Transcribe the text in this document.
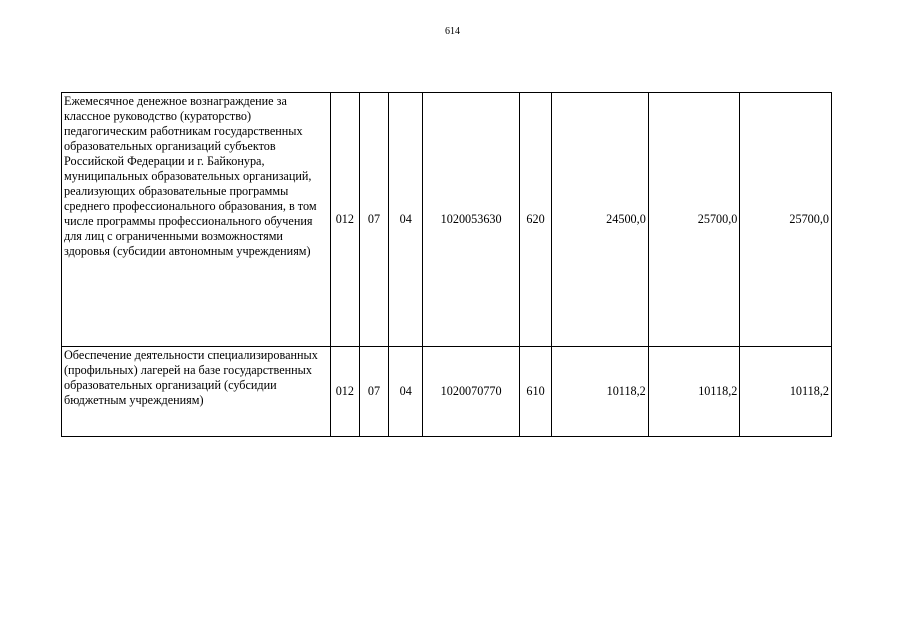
614
Ежемесячное денежное вознаграждение за классное руководство (кураторство) педагогическим работникам государственных образовательных организаций субъектов Российской Федерации и г. Байконура, муниципальных образовательных организаций, реализующих образовательные программы среднего профессионального образования, в том числе программы профессионального обучения для лиц с ограниченными возможностями здоровья (субсидии автономным учреждениям)	012	07	04	1020053630	620	24500,0	25700,0	25700,0
Обеспечение деятельности специализированных (профильных) лагерей на базе государственных образовательных организаций (субсидии бюджетным учреждениям)	012	07	04	1020070770	610	10118,2	10118,2	10118,2
